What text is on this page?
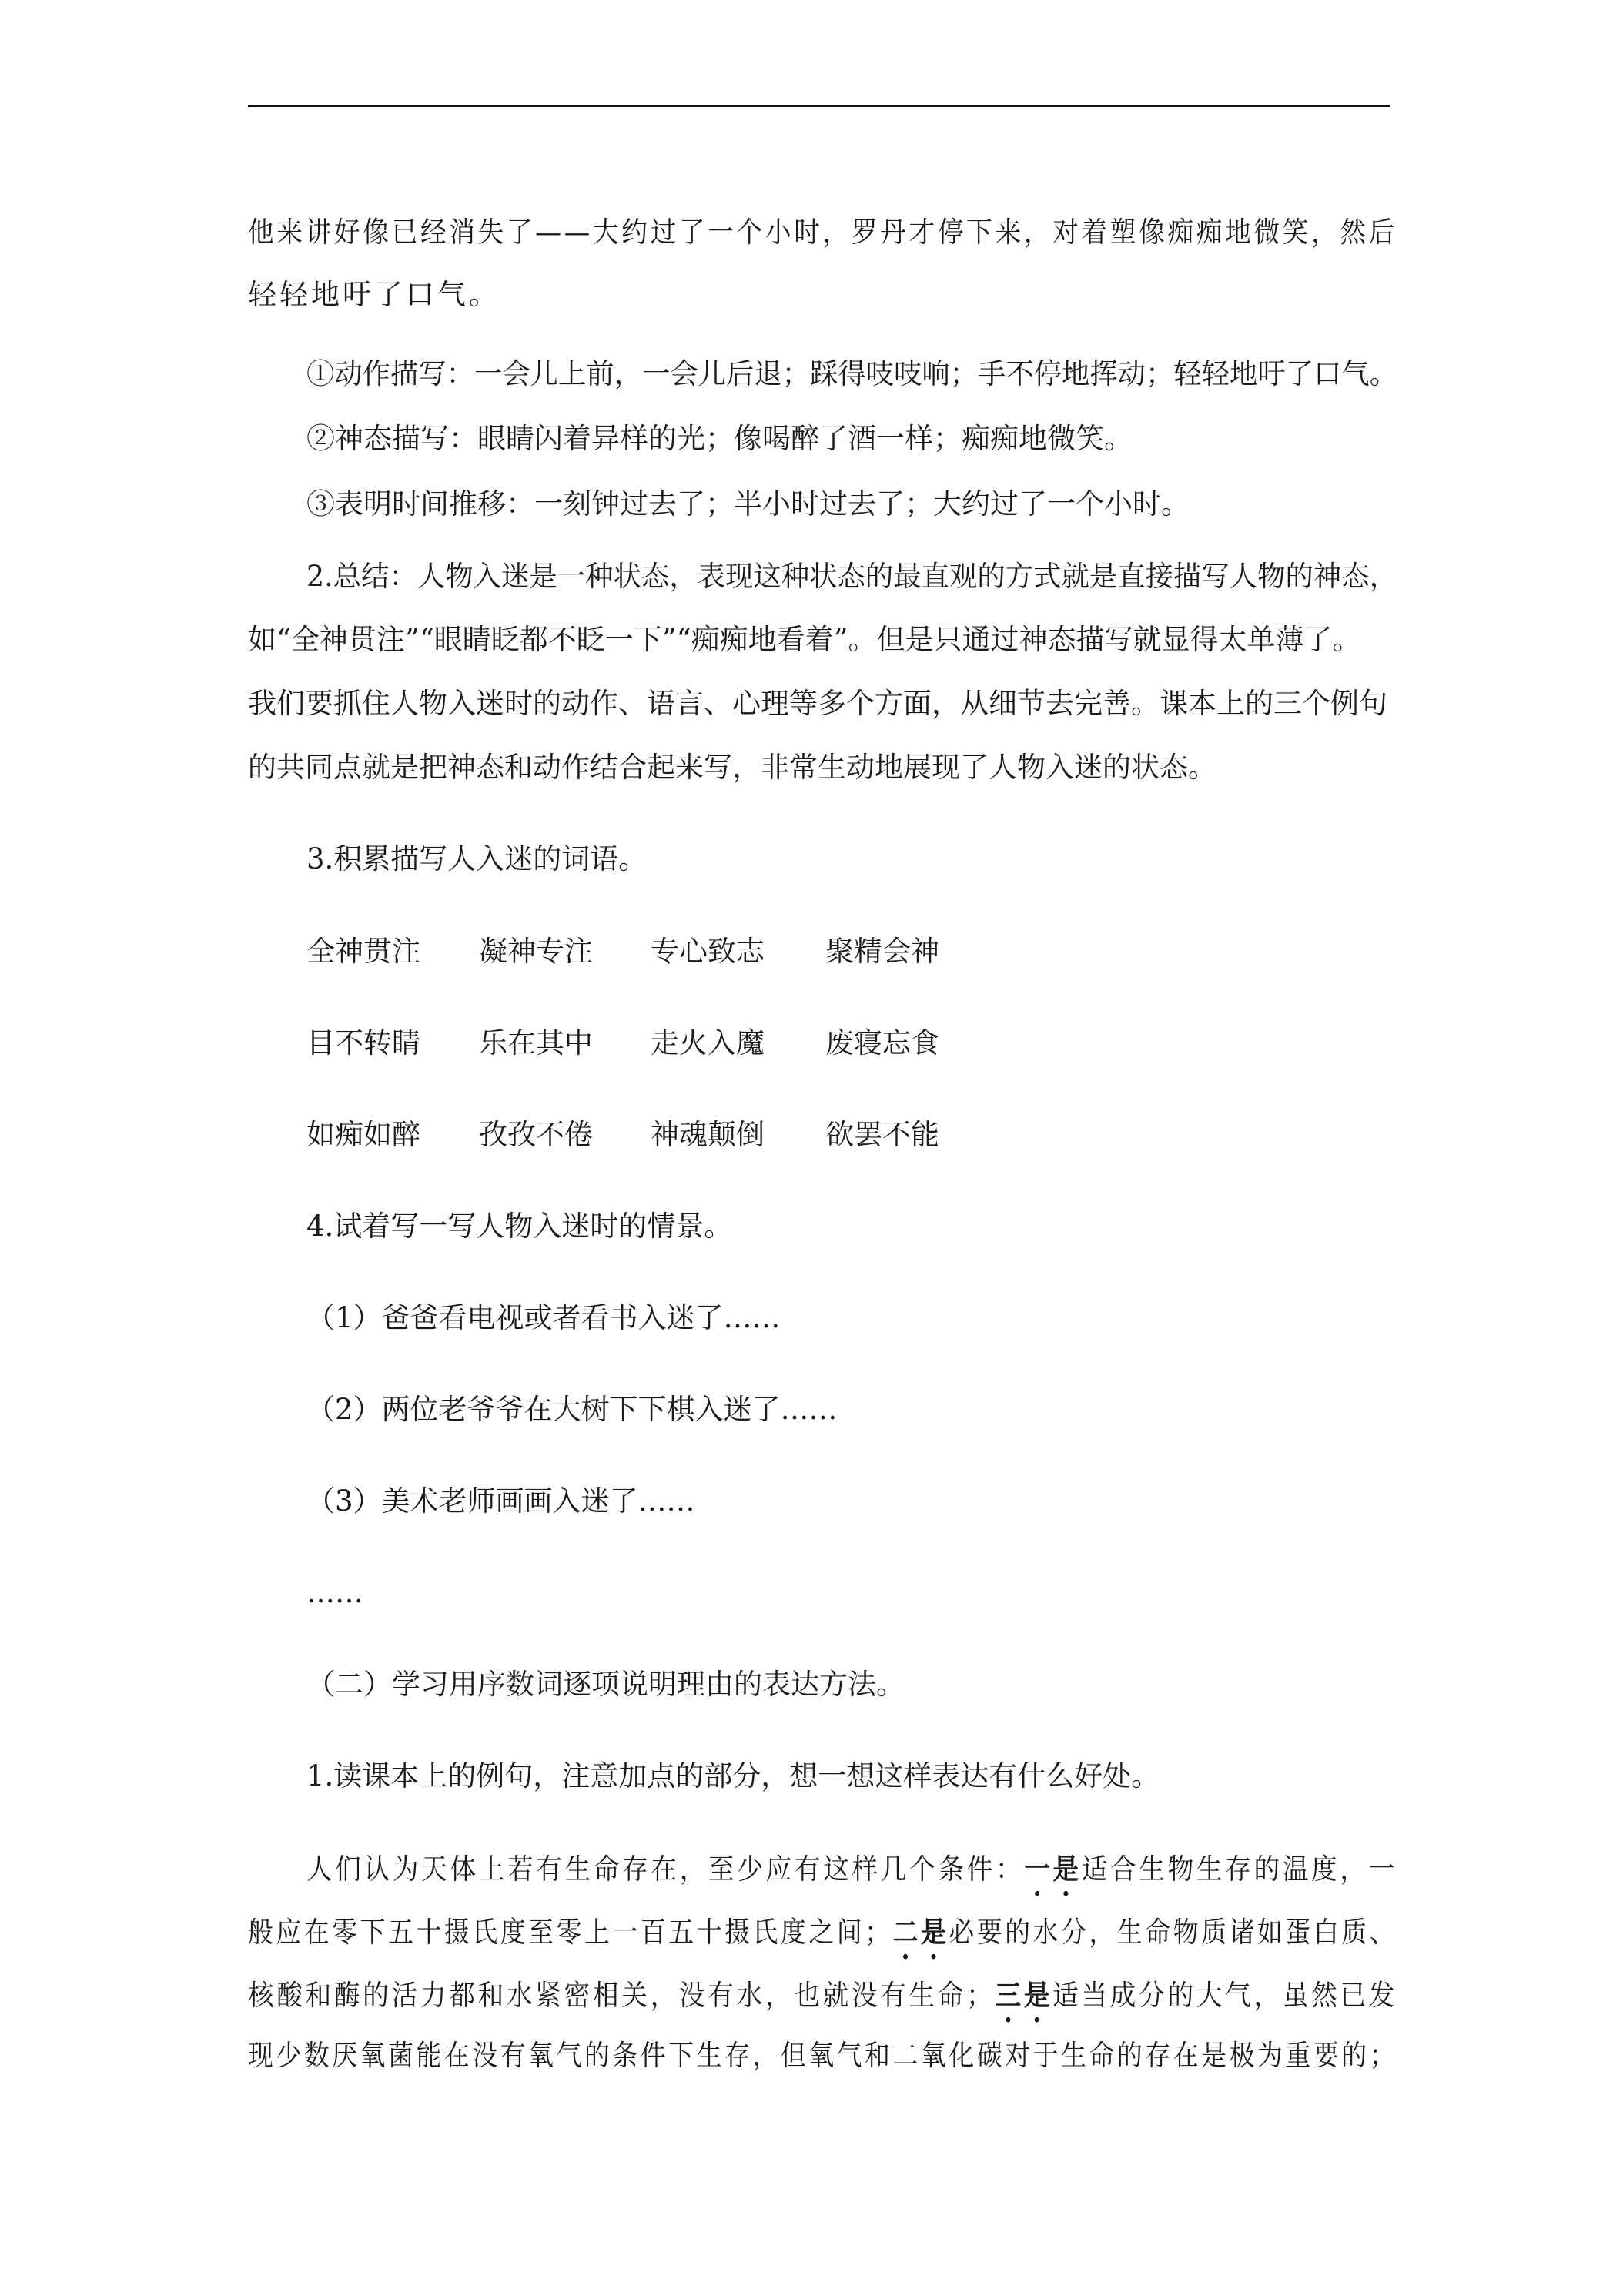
他来讲好像已经消失了——大约过了一个小时，罗丹才停下来，对着塑像痴痴地微笑，然后
轻轻地吁了口气。
①动作描写：一会儿上前，一会儿后退；踩得吱吱响；手不停地挥动；轻轻地吁了口气。
②神态描写：眼睛闪着异样的光；像喝醉了酒一样；痴痴地微笑。
③表明时间推移：一刻钟过去了；半小时过去了；大约过了一个小时。
2.总结：人物入迷是一种状态，表现这种状态的最直观的方式就是直接描写人物的神态，
如“全神贯注”“眼睛眨都不眨一下”“痴痴地看着”。但是只通过神态描写就显得太单薄了。
我们要抓住人物入迷时的动作、语言、心理等多个方面，从细节去完善。课本上的三个例句
的共同点就是把神态和动作结合起来写，非常生动地展现了人物入迷的状态。
3.积累描写人入迷的词语。
全神贯注 凝神专注 专心致志 聚精会神
目不转睛 乐在其中 走火入魔 废寝忘食
如痴如醉 孜孜不倦 神魂颠倒 欲罢不能
4.试着写一写人物入迷时的情景。
（1）爸爸看电视或者看书入迷了……
（2）两位老爷爷在大树下下棋入迷了……
（3）美术老师画画入迷了……
……
（二）学习用序数词逐项说明理由的表达方法。
1.读课本上的例句，注意加点的部分，想一想这样表达有什么好处。
人们认为天体上若有生命存在，至少应有这样几个条件：一是适合生物生存的温度，一
般应在零下五十摄氏度至零上一百五十摄氏度之间；二是必要的水分，生命物质诸如蛋白质、
核酸和酶的活力都和水紧密相关，没有水，也就没有生命；三是适当成分的大气，虽然已发
现少数厌氧菌能在没有氧气的条件下生存，但氧气和二氧化碳对于生命的存在是极为重要的；
